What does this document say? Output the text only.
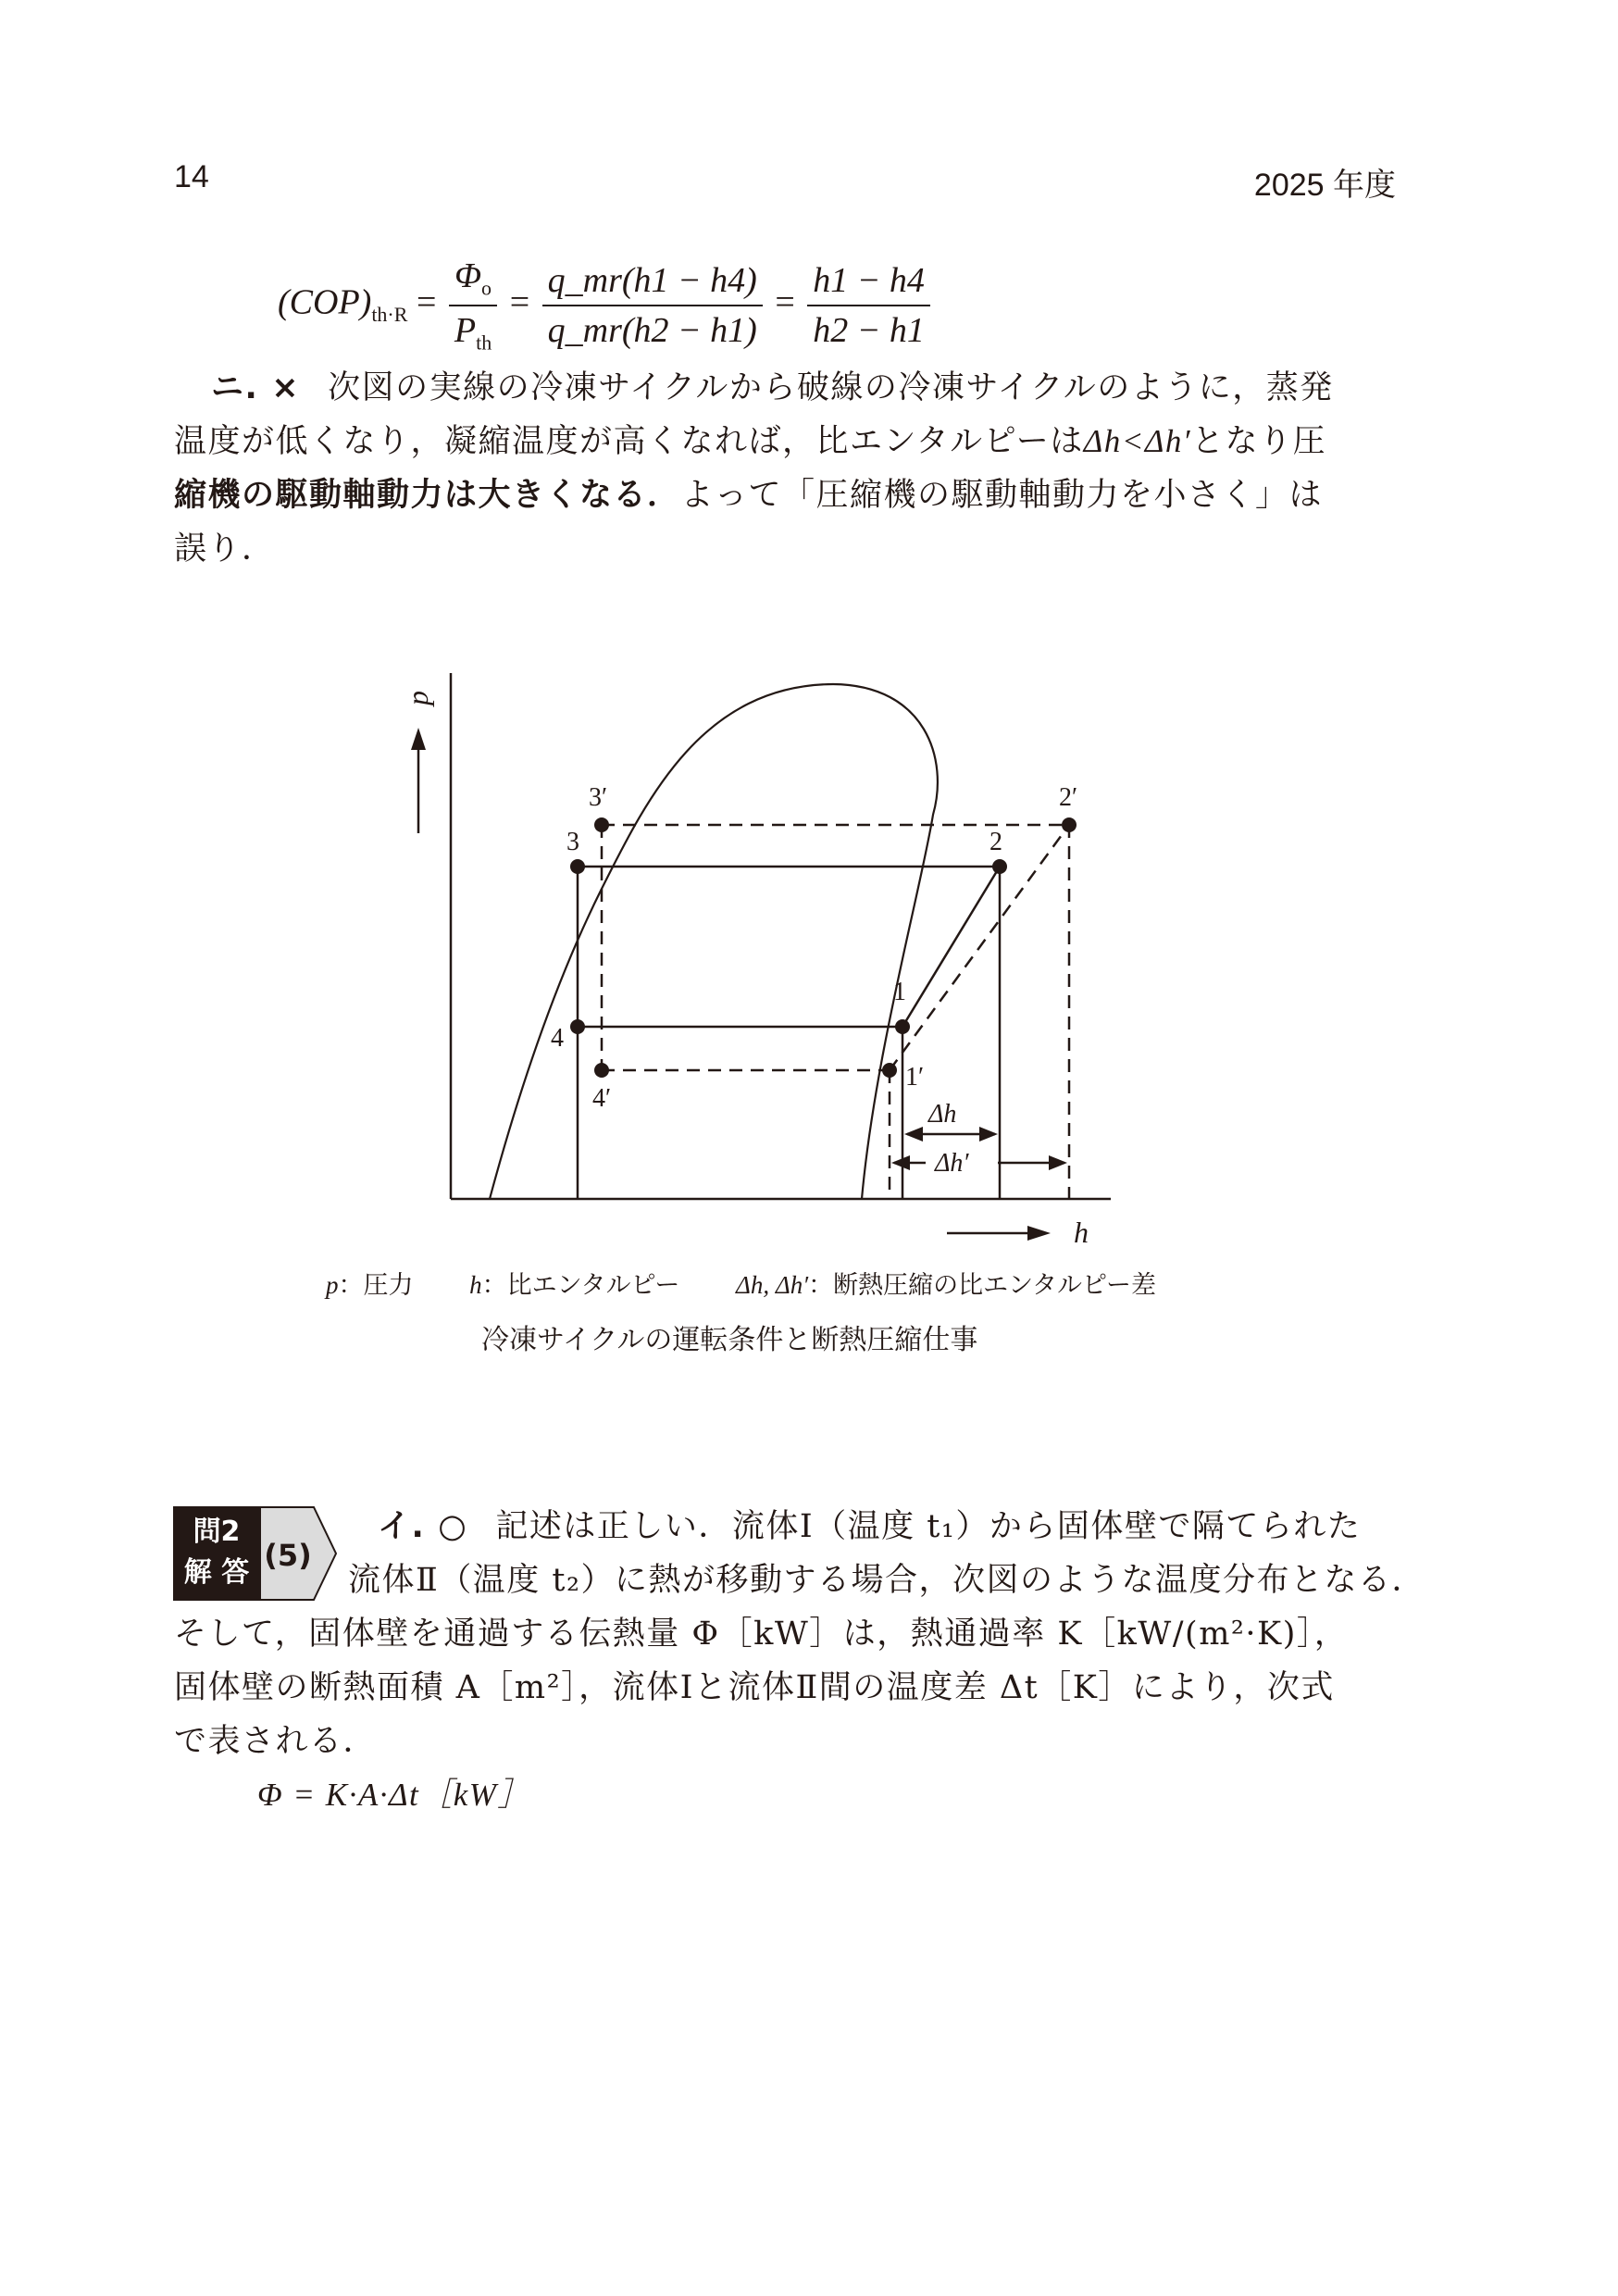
14	2025 年度
$(COP)_{th\cdot R} = \frac{\Phi_o}{P_{th}} = \frac{q\_mr(h1 - h4)}{q\_mr(h2 - h1)} = \frac{h1 - h4}{h2 - h1}$

ニ. × 次図の実線の冷凍サイクルから破線の冷凍サイクルのように，蒸発

温度が低くなり，凝縮温度が高くなれば，比エンタルピーはΔh<Δh′となり圧

縮機の駆動軸動力は大きくなる．よって「圧縮機の駆動軸動力を小さく」は

誤り．

3′
3	2
2′
1
4
1′
4′
Δh
Δh′
h
p
p：圧力 h：比エンタルピー Δh, Δh′：断熱圧縮の比エンタルピー差
冷凍サイクルの運転条件と断熱圧縮仕事
問2
解 答 (5)

イ. ○ 記述は正しい．流体Ⅰ（温度 t₁）から固体壁で隔てられた

流体Ⅱ（温度 t₂）に熱が移動する場合，次図のような温度分布となる．

そして，固体壁を通過する伝熱量 Φ［kW］は，熱通過率 K［kW/(m²·K)］，

固体壁の断熱面積 A［m²］，流体Ⅰと流体Ⅱ間の温度差 Δt［K］により，次式

で表される．

Φ = K·A·Δt［kW］
